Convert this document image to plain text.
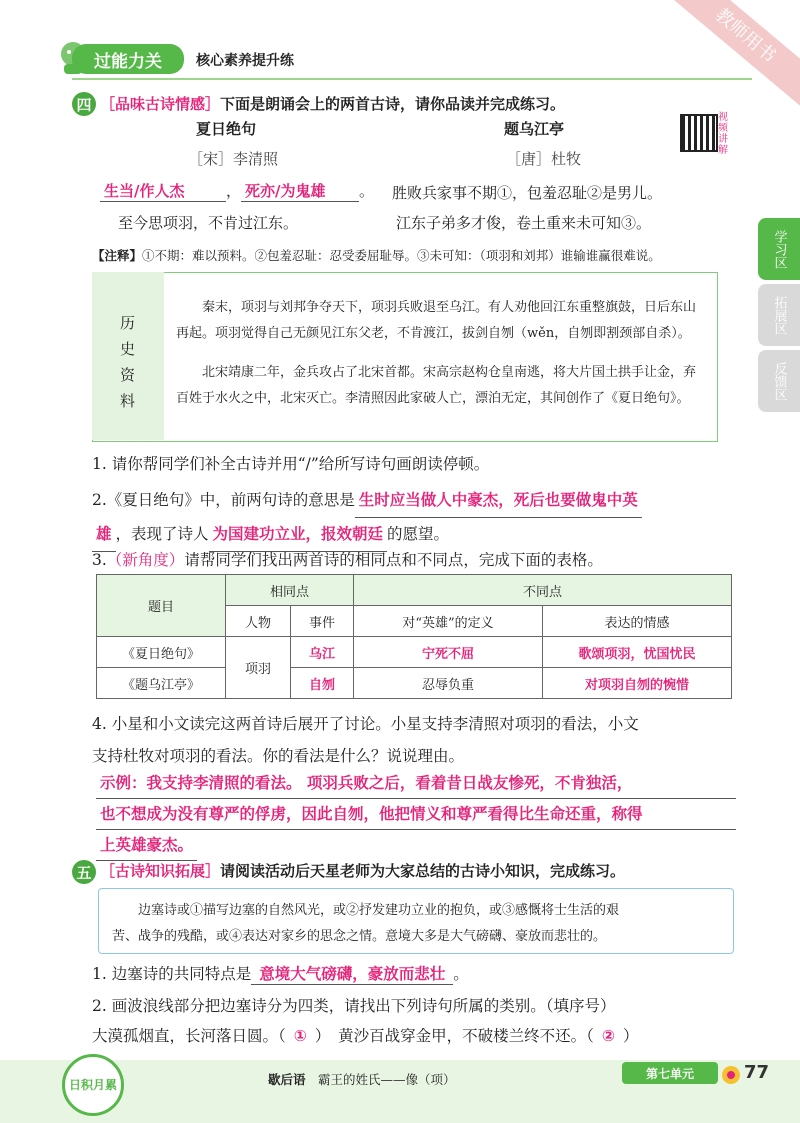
教师用书
过能力关	核心素养提升练
学习区
拓展区
反馈区
四 ［品味古诗情感］下面是朗诵会上的两首古诗，请你品读并完成练习。
视频讲解
夏日绝句
［宋］李清照
生当/作人杰	， 死亦/为鬼雄 。
至今思项羽，不肯过江东。
题乌江亭
［唐］杜牧
胜败兵家事不期①，包羞忍耻②是男儿。
江东子弟多才俊，卷土重来未可知③。
【注释】①不期：难以预料。②包羞忍耻：忍受委屈耻辱。③未可知：（项羽和刘邦）谁输谁赢很难说。
历
史
资
料

秦末，项羽与刘邦争夺天下，项羽兵败退至乌江。有人劝他回江东重整旗鼓，日后东山再起。项羽觉得自己无颜见江东父老，不肯渡江，拔剑自刎（wěn，自刎即割颈部自杀）。

北宋靖康二年，金兵攻占了北宋首都。宋高宗赵构仓皇南逃，将大片国土拱手让金，弃百姓于水火之中，北宋灭亡。李清照因此家破人亡，漂泊无定，其间创作了《夏日绝句》。

1. 请你帮同学们补全古诗并用“/”给所写诗句画朗读停顿。
2.《夏日绝句》中，前两句诗的意思是 生时应当做人中豪杰，死后也要做鬼中英
雄 ，表现了诗人 为国建功立业，报效朝廷 的愿望。
3.（新角度）请帮同学们找出两首诗的相同点和不同点，完成下面的表格。
题目	相同点		不同点	
	人物	事件	对“英雄”的定义	表达的情感
《夏日绝句》	项羽	乌江	宁死不屈	歌颂项羽，忧国忧民
《题乌江亭》		自刎	忍辱负重	对项羽自刎的惋惜
4. 小星和小文读完这两首诗后展开了讨论。小星支持李清照对项羽的看法，小文
支持杜牧对项羽的看法。你的看法是什么？说说理由。
示例：我支持李清照的看法。 项羽兵败之后，看着昔日战友惨死，不肯独活，
也不想成为没有尊严的俘虏，因此自刎，他把情义和尊严看得比生命还重，称得
上英雄豪杰。
五 ［古诗知识拓展］请阅读活动后天星老师为大家总结的古诗小知识，完成练习。
边塞诗或①描写边塞的自然风光，或②抒发建功立业的抱负，或③感慨将士生活的艰
苦、战争的残酷，或④表达对家乡的思念之情。意境大多是大气磅礴、豪放而悲壮的。
1. 边塞诗的共同特点是 意境大气磅礴，豪放而悲壮 。
2. 画波浪线部分把边塞诗分为四类，请找出下列诗句所属的类别。（填序号）
大漠孤烟直，长河落日圆。（ ① ）　黄沙百战穿金甲，不破楼兰终不还。（ ② ）
日积月累	歇后语　 霸王的姓氏——像（项）	第七单元	77
